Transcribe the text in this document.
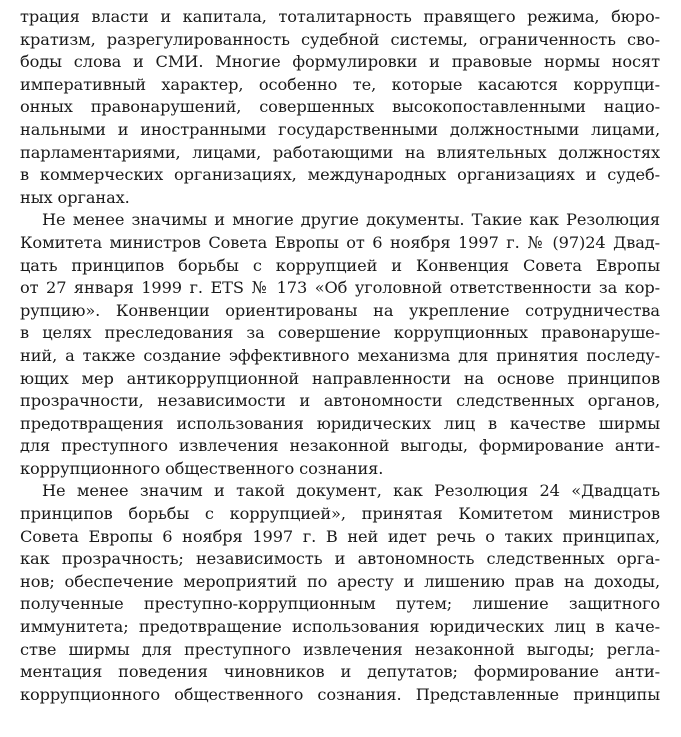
трация власти и капитала, тоталитарность правящего режима, бюро-
кратизм, разрегулированность судебной системы, ограниченность сво-
боды слова и СМИ. Многие формулировки и правовые нормы носят
императивный характер, особенно те, которые касаются коррупци-
онных правонарушений, совершенных высокопоставленными нацио-
нальными и иностранными государственными должностными лицами,
парламентариями, лицами, работающими на влиятельных должностях
в коммерческих организациях, международных организациях и судеб-
ных органах.
Не менее значимы и многие другие документы. Такие как Резолюция
Комитета министров Совета Европы от 6 ноября 1997 г. № (97)24 Двад-
цать принципов борьбы с коррупцией и Конвенция Совета Европы
от 27 января 1999 г. ETS № 173 «Об уголовной ответственности за кор-
рупцию». Конвенции ориентированы на укрепление сотрудничества
в целях преследования за совершение коррупционных правонаруше-
ний, а также создание эффективного механизма для принятия последу-
ющих мер антикоррупционной направленности на основе принципов
прозрачности, независимости и автономности следственных органов,
предотвращения использования юридических лиц в качестве ширмы
для преступного извлечения незаконной выгоды, формирование анти-
коррупционного общественного сознания.
Не менее значим и такой документ, как Резолюция 24 «Двадцать
принципов борьбы с коррупцией», принятая Комитетом министров
Совета Европы 6 ноября 1997 г. В ней идет речь о таких принципах,
как прозрачность; независимость и автономность следственных орга-
нов; обеспечение мероприятий по аресту и лишению прав на доходы,
полученные преступно-коррупционным путем; лишение защитного
иммунитета; предотвращение использования юридических лиц в каче-
стве ширмы для преступного извлечения незаконной выгоды; регла-
ментация поведения чиновников и депутатов; формирование анти-
коррупционного общественного сознания. Представленные принципы
